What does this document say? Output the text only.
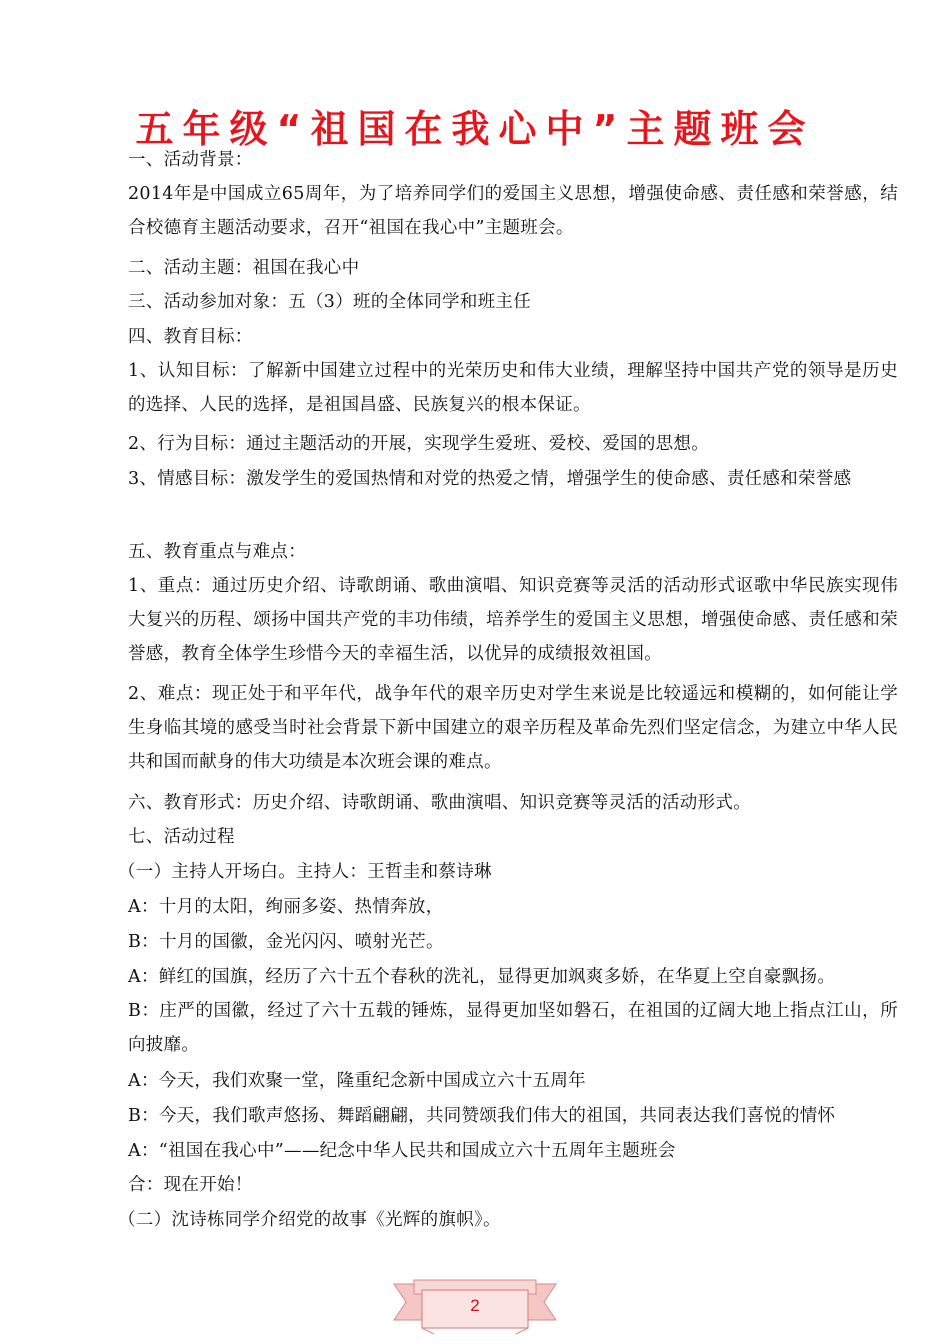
五年级“祖国在我心中”主题班会
一、活动背景：
2014年是中国成立65周年，为了培养同学们的爱国主义思想，增强使命感、责任感和荣誉感，结合校德育主题活动要求，召开“祖国在我心中”主题班会。
二、活动主题：祖国在我心中
三、活动参加对象：五（3）班的全体同学和班主任
四、教育目标：
1、认知目标：了解新中国建立过程中的光荣历史和伟大业绩，理解坚持中国共产党的领导是历史的选择、人民的选择，是祖国昌盛、民族复兴的根本保证。
2、行为目标：通过主题活动的开展，实现学生爱班、爱校、爱国的思想。
3、情感目标：激发学生的爱国热情和对党的热爱之情，增强学生的使命感、责任感和荣誉感
五、教育重点与难点：
1、重点：通过历史介绍、诗歌朗诵、歌曲演唱、知识竞赛等灵活的活动形式讴歌中华民族实现伟大复兴的历程、颂扬中国共产党的丰功伟绩，培养学生的爱国主义思想，增强使命感、责任感和荣誉感，教育全体学生珍惜今天的幸福生活，以优异的成绩报效祖国。
2、难点：现正处于和平年代，战争年代的艰辛历史对学生来说是比较遥远和模糊的，如何能让学生身临其境的感受当时社会背景下新中国建立的艰辛历程及革命先烈们坚定信念，为建立中华人民共和国而献身的伟大功绩是本次班会课的难点。
六、教育形式：历史介绍、诗歌朗诵、歌曲演唱、知识竞赛等灵活的活动形式。
七、活动过程
（一）主持人开场白。主持人：王哲圭和蔡诗琳
A：十月的太阳，绚丽多姿、热情奔放，
B：十月的国徽，金光闪闪、喷射光芒。
A：鲜红的国旗，经历了六十五个春秋的洗礼，显得更加飒爽多娇，在华夏上空自豪飘扬。
B：庄严的国徽，经过了六十五载的锤炼，显得更加坚如磐石，在祖国的辽阔大地上指点江山，所向披靡。
A：今天，我们欢聚一堂，隆重纪念新中国成立六十五周年
B：今天，我们歌声悠扬、舞蹈翩翩，共同赞颂我们伟大的祖国，共同表达我们喜悦的情怀
A：“祖国在我心中”——纪念中华人民共和国成立六十五周年主题班会
合：现在开始！
（二）沈诗栋同学介绍党的故事《光辉的旗帜》。
2
